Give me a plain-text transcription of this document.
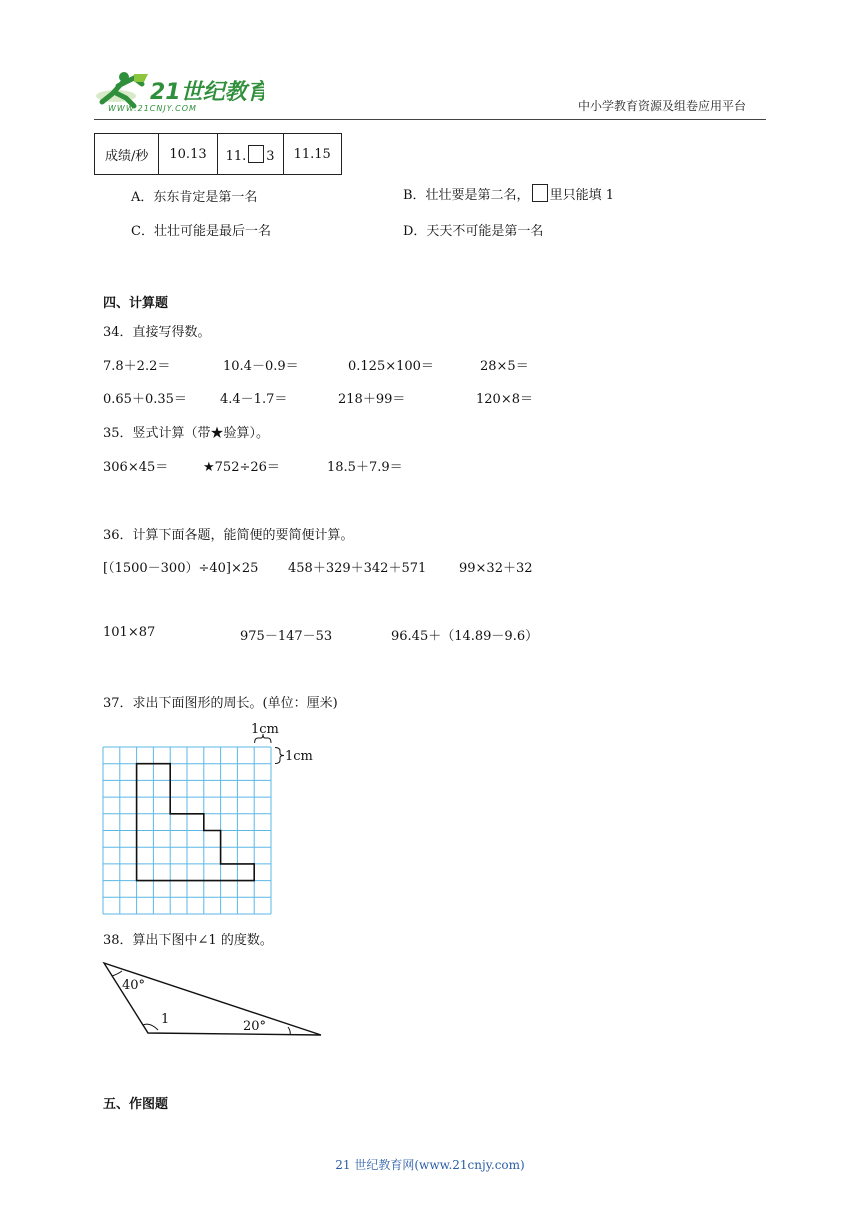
21世纪教育
WWW.21CNJY.COM	中小学教育资源及组卷应用平台
成绩/秒	10.13	11. 3	11.15
A．东东肯定是第一名	B．壮壮要是第二名， 里只能填 1
C．壮壮可能是最后一名	D．天天不可能是第一名
四、计算题
34．直接写得数。
7.8＋2.2＝	10.4－0.9＝	0.125×100＝	28×5＝
0.65＋0.35＝	4.4－1.7＝	218＋99＝	120×8＝
35．竖式计算（带★验算）。
306×45＝	★752÷26＝	18.5＋7.9＝
36．计算下面各题，能简便的要简便计算。
[（1500－300）÷40]×25 458＋329＋342＋571	99×32＋32
101×87	975－147－53	96.45＋（14.89－9.6）
37．求出下面图形的周长。(单位：厘米)
1cm
1cm
38．算出下图中∠1 的度数。
40°
1	20°
五、作图题
21 世纪教育网(www.21cnjy.com)
